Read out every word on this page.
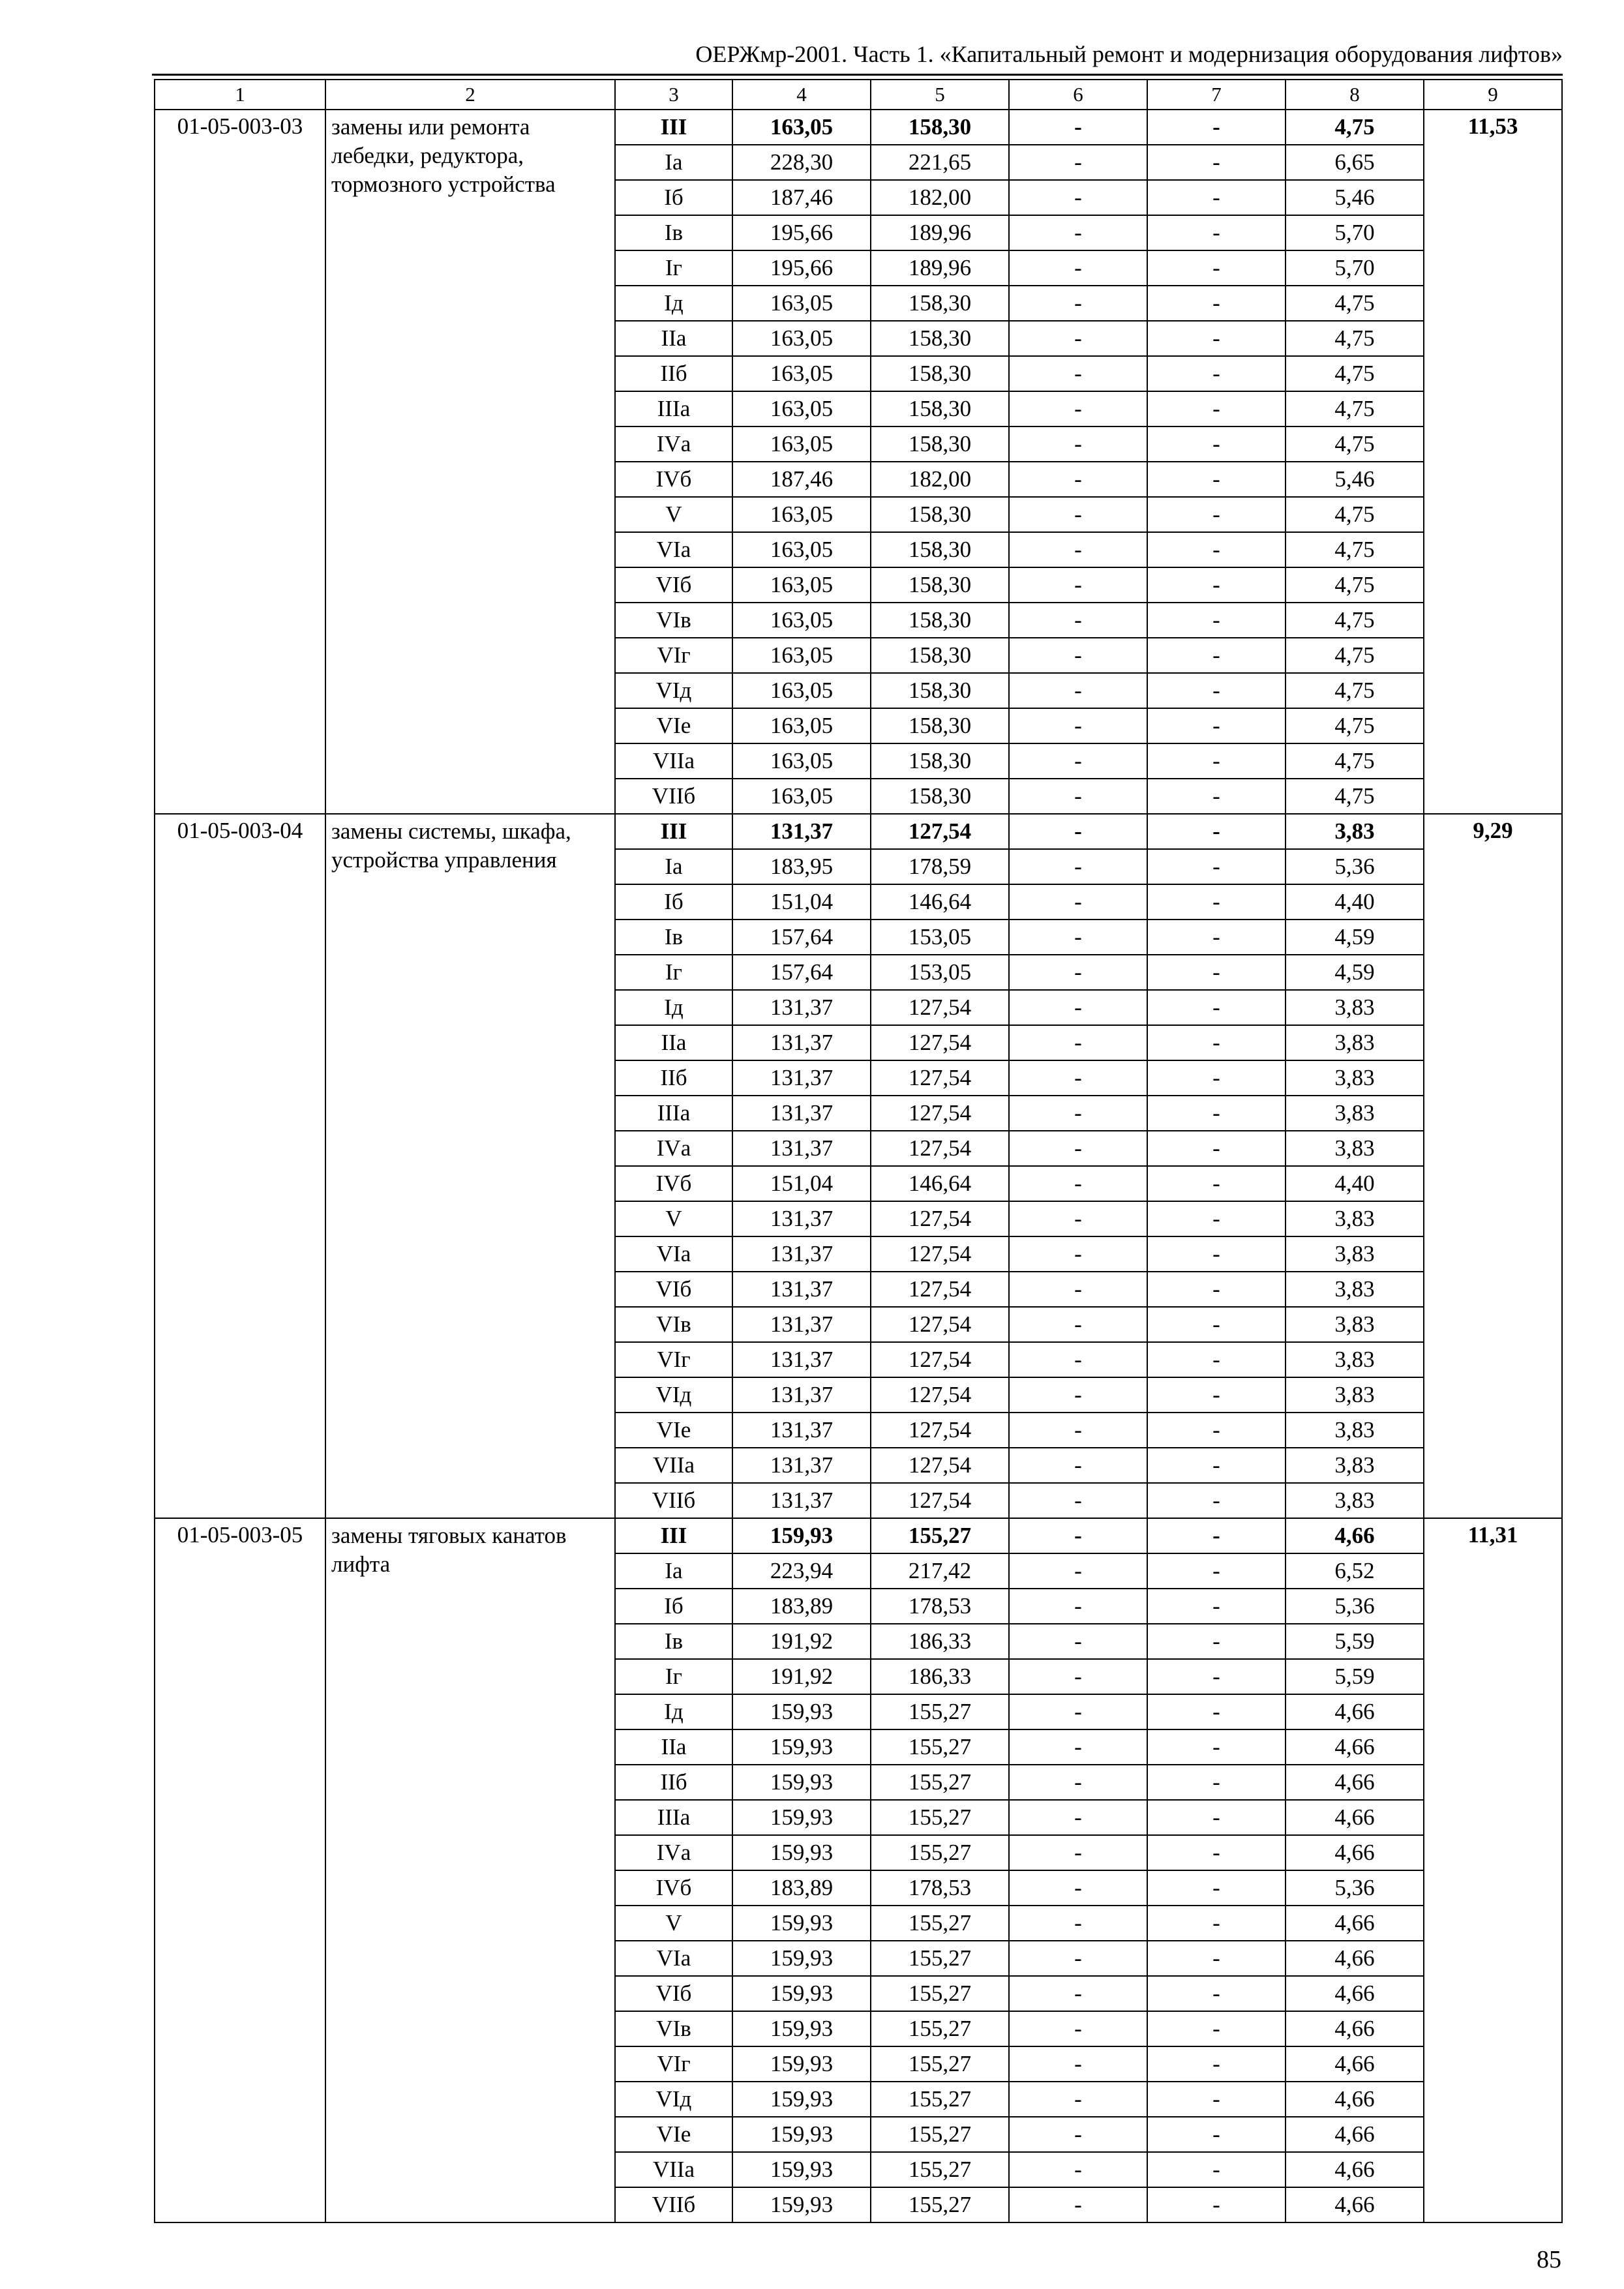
ОЕРЖмр-2001. Часть 1. «Капитальный ремонт и модернизация оборудования лифтов»
1	2	3	4	5	6	7	8	9
01-05-003-03	замены или ремонта лебедки, редуктора, тормозного устройства	III	163,05	158,30	-	-	4,75	11,53
		Iа	228,30	221,65	-	-	6,65	
		Iб	187,46	182,00	-	-	5,46	
		Iв	195,66	189,96	-	-	5,70	
		Iг	195,66	189,96	-	-	5,70	
		Iд	163,05	158,30	-	-	4,75	
		IIа	163,05	158,30	-	-	4,75	
		IIб	163,05	158,30	-	-	4,75	
		IIIа	163,05	158,30	-	-	4,75	
		IVа	163,05	158,30	-	-	4,75	
		IVб	187,46	182,00	-	-	5,46	
		V	163,05	158,30	-	-	4,75	
		VIа	163,05	158,30	-	-	4,75	
		VIб	163,05	158,30	-	-	4,75	
		VIв	163,05	158,30	-	-	4,75	
		VIг	163,05	158,30	-	-	4,75	
		VIд	163,05	158,30	-	-	4,75	
		VIе	163,05	158,30	-	-	4,75	
		VIIа	163,05	158,30	-	-	4,75	
		VIIб	163,05	158,30	-	-	4,75	
01-05-003-04	замены системы, шкафа, устройства управления	III	131,37	127,54	-	-	3,83	9,29
		Iа	183,95	178,59	-	-	5,36	
		Iб	151,04	146,64	-	-	4,40	
		Iв	157,64	153,05	-	-	4,59	
		Iг	157,64	153,05	-	-	4,59	
		Iд	131,37	127,54	-	-	3,83	
		IIа	131,37	127,54	-	-	3,83	
		IIб	131,37	127,54	-	-	3,83	
		IIIа	131,37	127,54	-	-	3,83	
		IVа	131,37	127,54	-	-	3,83	
		IVб	151,04	146,64	-	-	4,40	
		V	131,37	127,54	-	-	3,83	
		VIа	131,37	127,54	-	-	3,83	
		VIб	131,37	127,54	-	-	3,83	
		VIв	131,37	127,54	-	-	3,83	
		VIг	131,37	127,54	-	-	3,83	
		VIд	131,37	127,54	-	-	3,83	
		VIе	131,37	127,54	-	-	3,83	
		VIIа	131,37	127,54	-	-	3,83	
		VIIб	131,37	127,54	-	-	3,83	
01-05-003-05	замены тяговых канатов лифта	III	159,93	155,27	-	-	4,66	11,31
		Iа	223,94	217,42	-	-	6,52	
		Iб	183,89	178,53	-	-	5,36	
		Iв	191,92	186,33	-	-	5,59	
		Iг	191,92	186,33	-	-	5,59	
		Iд	159,93	155,27	-	-	4,66	
		IIа	159,93	155,27	-	-	4,66	
		IIб	159,93	155,27	-	-	4,66	
		IIIа	159,93	155,27	-	-	4,66	
		IVа	159,93	155,27	-	-	4,66	
		IVб	183,89	178,53	-	-	5,36	
		V	159,93	155,27	-	-	4,66	
		VIа	159,93	155,27	-	-	4,66	
		VIб	159,93	155,27	-	-	4,66	
		VIв	159,93	155,27	-	-	4,66	
		VIг	159,93	155,27	-	-	4,66	
		VIд	159,93	155,27	-	-	4,66	
		VIе	159,93	155,27	-	-	4,66	
		VIIа	159,93	155,27	-	-	4,66	
		VIIб	159,93	155,27	-	-	4,66	
85
